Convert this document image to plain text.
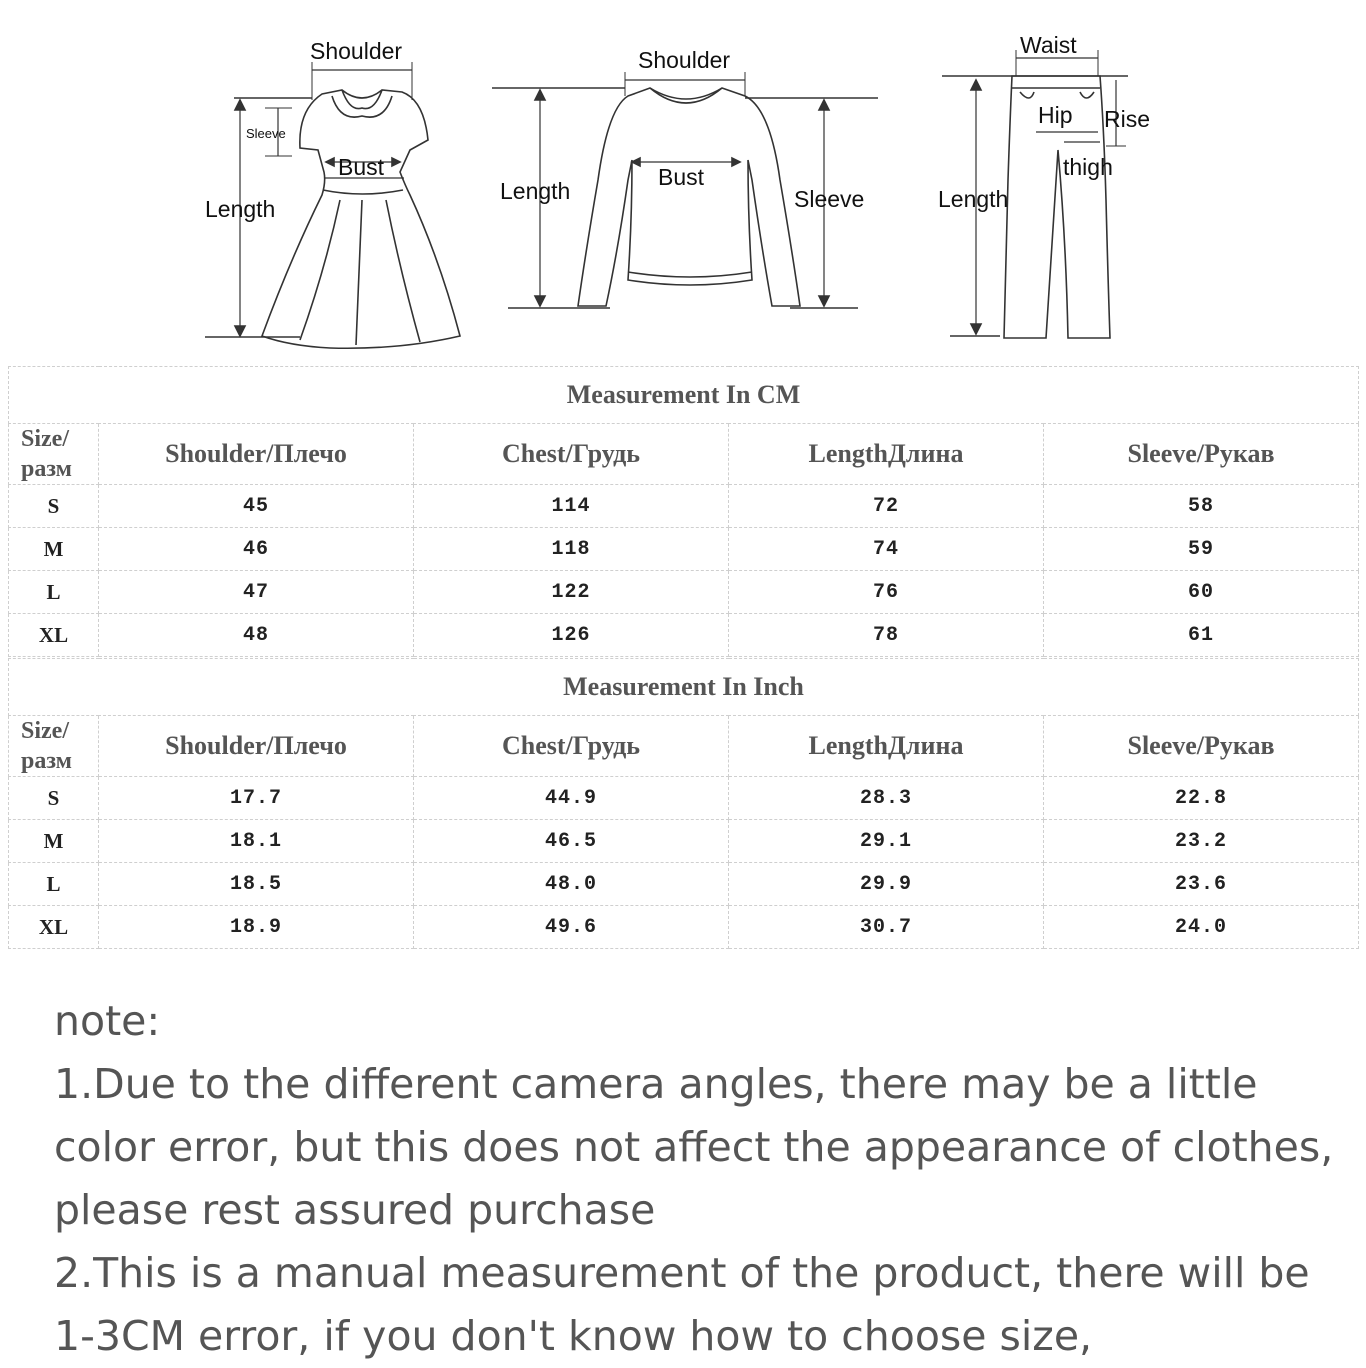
Shoulder
Sleeve
Bust
Length
Shoulder
Bust
Length	Sleeve
Waist
Hip Rise
thigh
Length
Measurement In CM				
Size/ разм	Shoulder/Плечо	Chest/Грудь	LengthДлина	Sleeve/Рукав
S	45	114	72	58
M	46	118	74	59
L	47	122	76	60
XL	48	126	78	61
Measurement In Inch				
Size/ разм	Shoulder/Плечо	Chest/Грудь	LengthДлина	Sleeve/Рукав
S	17.7	44.9	28.3	22.8
M	18.1	46.5	29.1	23.2
L	18.5	48.0	29.9	23.6
XL	18.9	49.6	30.7	24.0

note:

1.Due to the different camera angles, there may be a little color error, but this does not affect the appearance of clothes, please rest assured purchase

2.This is a manual measurement of the product, there will be 1-3CM error, if you don't know how to choose size,
